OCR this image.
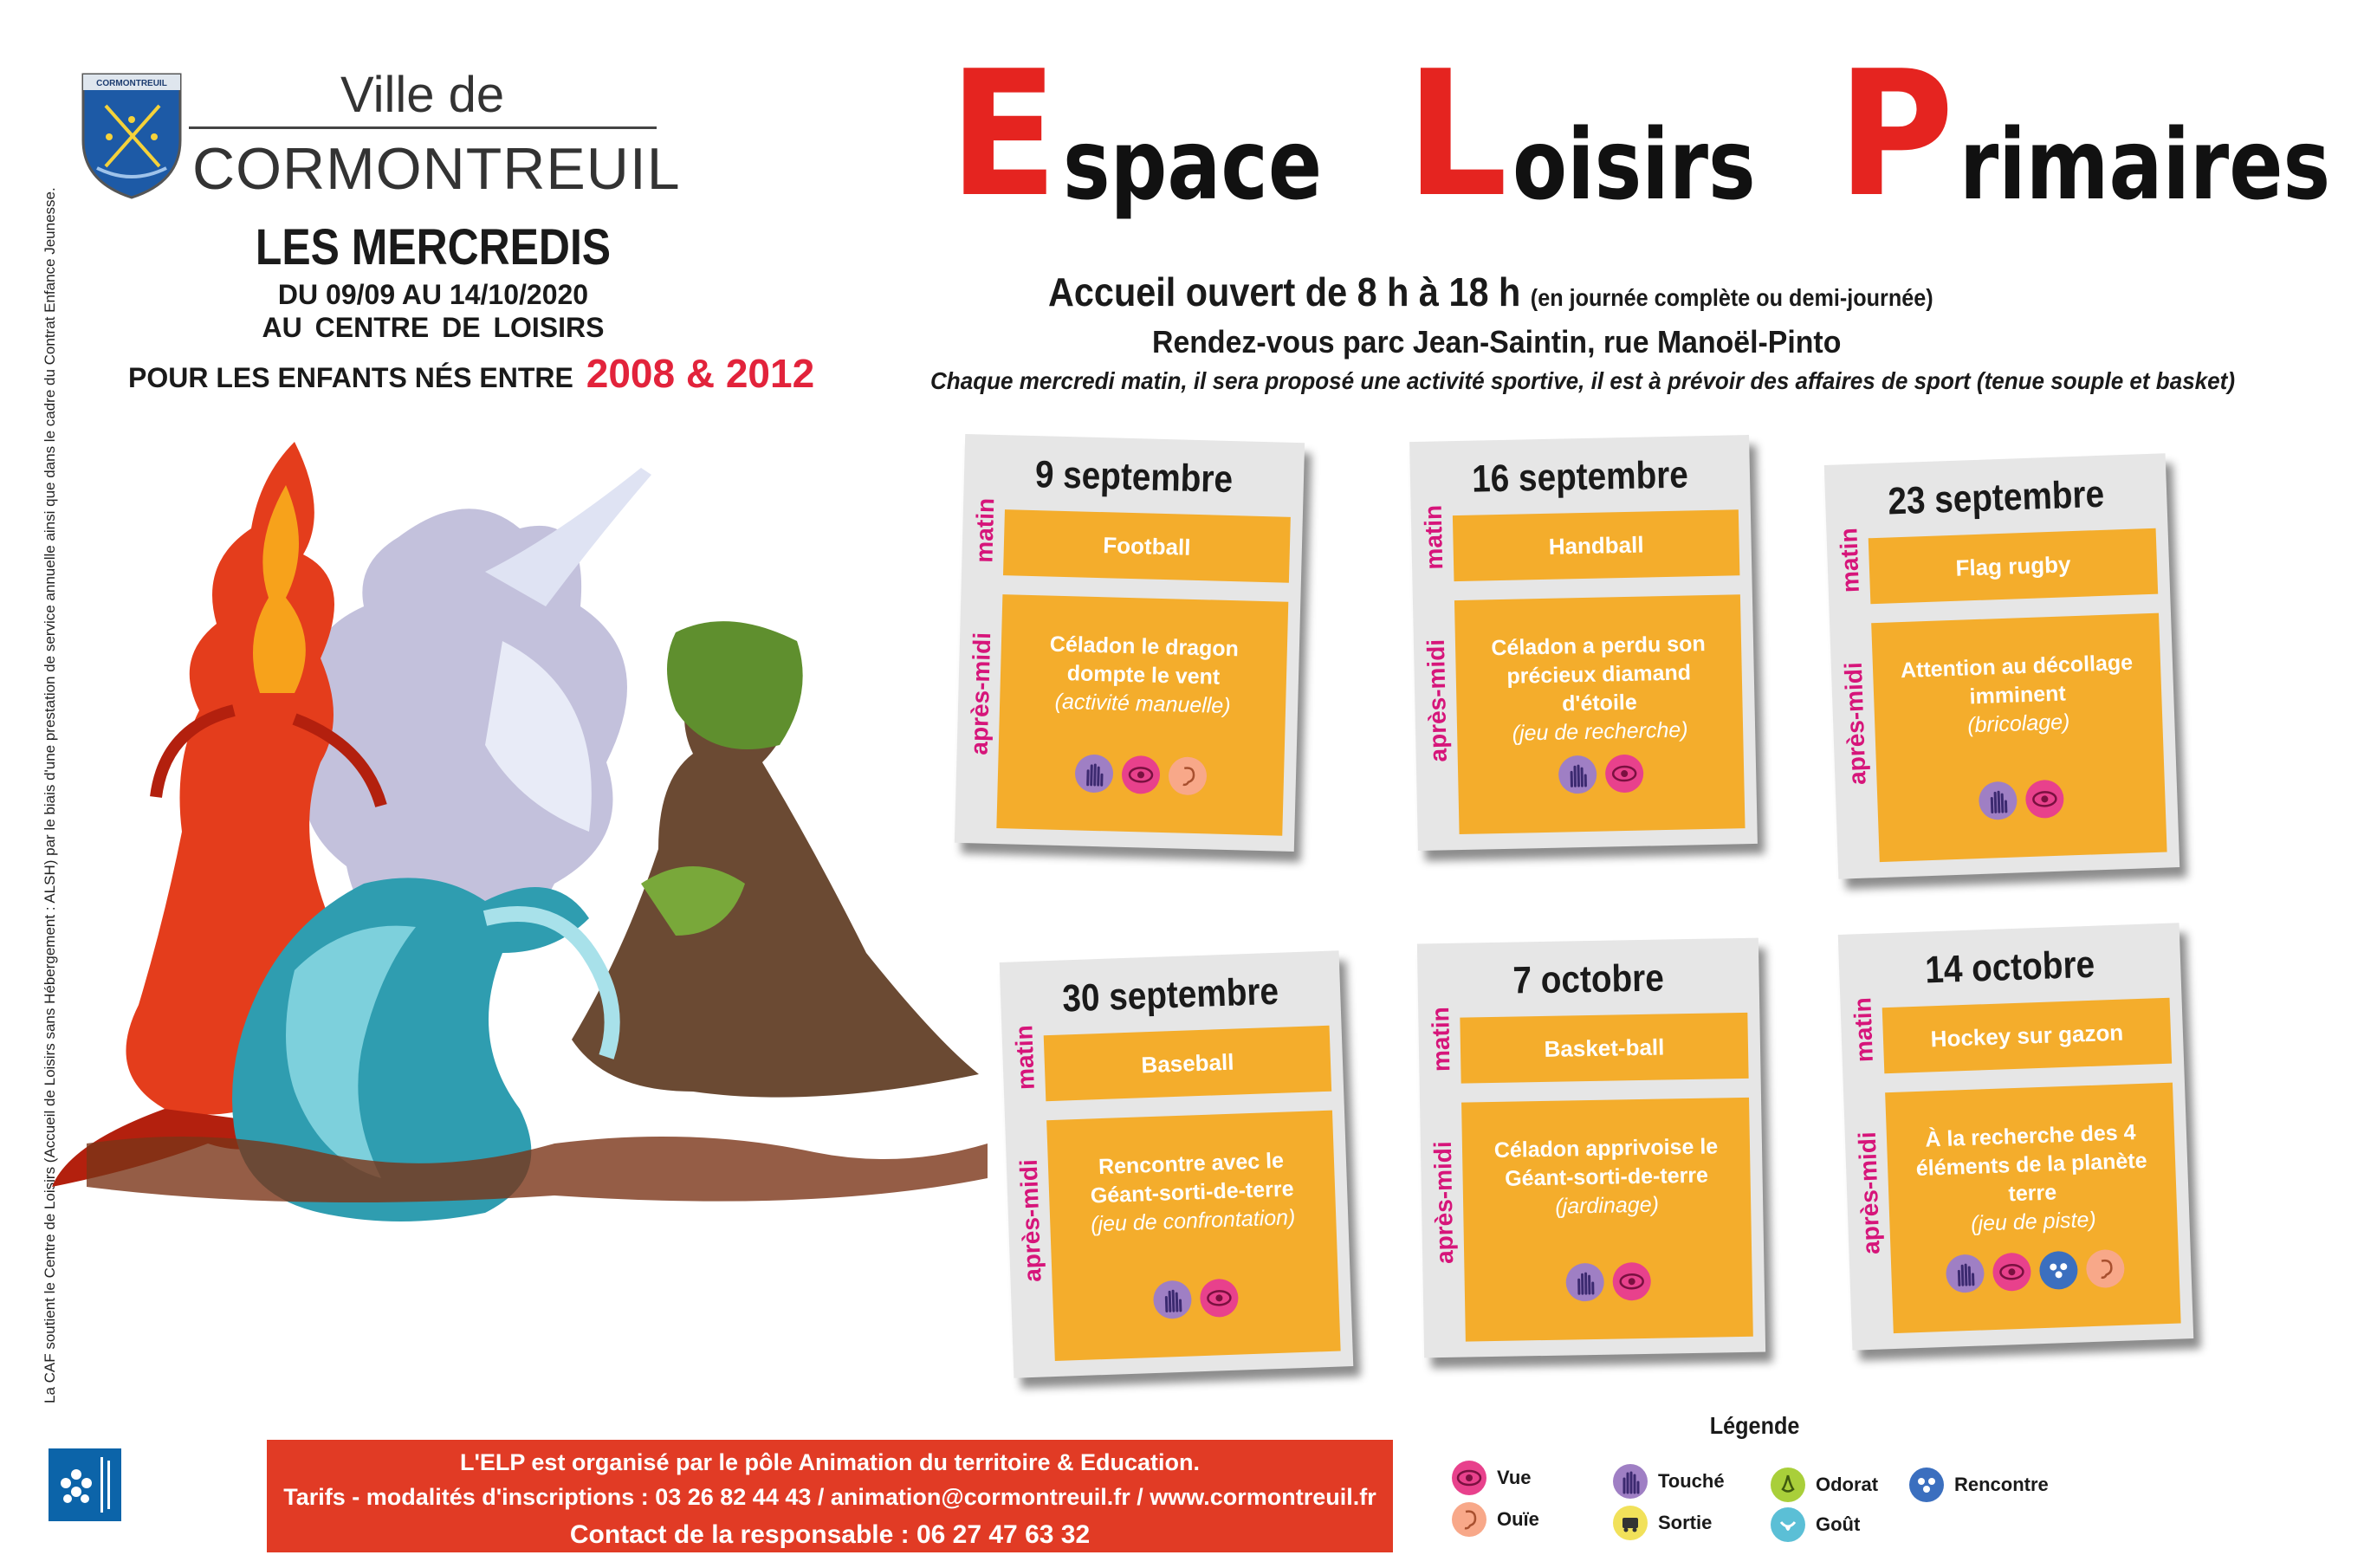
CORMONTREUIL	Ville de
CORMONTREUIL
LES MERCREDIS
DU 09/09 AU 14/10/2020
AU CENTRE DE LOISIRS
POUR LES ENFANTS NÉS ENTRE 2008 & 2012
La CAF soutient le Centre de Loisirs (Accueil de Loisirs sans Hébergement : ALSH) par le biais d'une prestation de service annuelle ainsi que dans le cadre du Contrat Enfance Jeunesse.
Espace Loisirs Primaires
Accueil ouvert de 8 h à 18 h (en journée complète ou demi-journée)
Rendez-vous parc Jean-Saintin, rue Manoël-Pinto
Chaque mercredi matin, il sera proposé une activité sportive, il est à prévoir des affaires de sport (tenue souple et basket)
9 septembre
matin	Football
après-midi	Céladon le dragon dompte le vent
(activité manuelle)
16 septembre
matin	Handball
après-midi	Céladon a perdu son précieux diamand d'étoile
(jeu de recherche)
23 septembre
matin	Flag rugby
après-midi	Attention au décollage imminent
(bricolage)
30 septembre
matin	Baseball
après-midi	Rencontre avec le Géant-sorti-de-terre
(jeu de confrontation)
7 octobre
matin	Basket-ball
après-midi	Céladon apprivoise le Géant-sorti-de-terre
(jardinage)
14 octobre
matin	Hockey sur gazon
après-midi	À la recherche des 4 éléments de la planète terre
(jeu de piste)
L'ELP est organisé par le pôle Animation du territoire & Education.
Tarifs - modalités d'inscriptions : 03 26 82 44 43 / animation@cormontreuil.fr / www.cormontreuil.fr
Contact de la responsable : 06 27 47 63 32
Légende
Vue
Ouïe
Touché
Sortie
Odorat
Goût
Rencontre
